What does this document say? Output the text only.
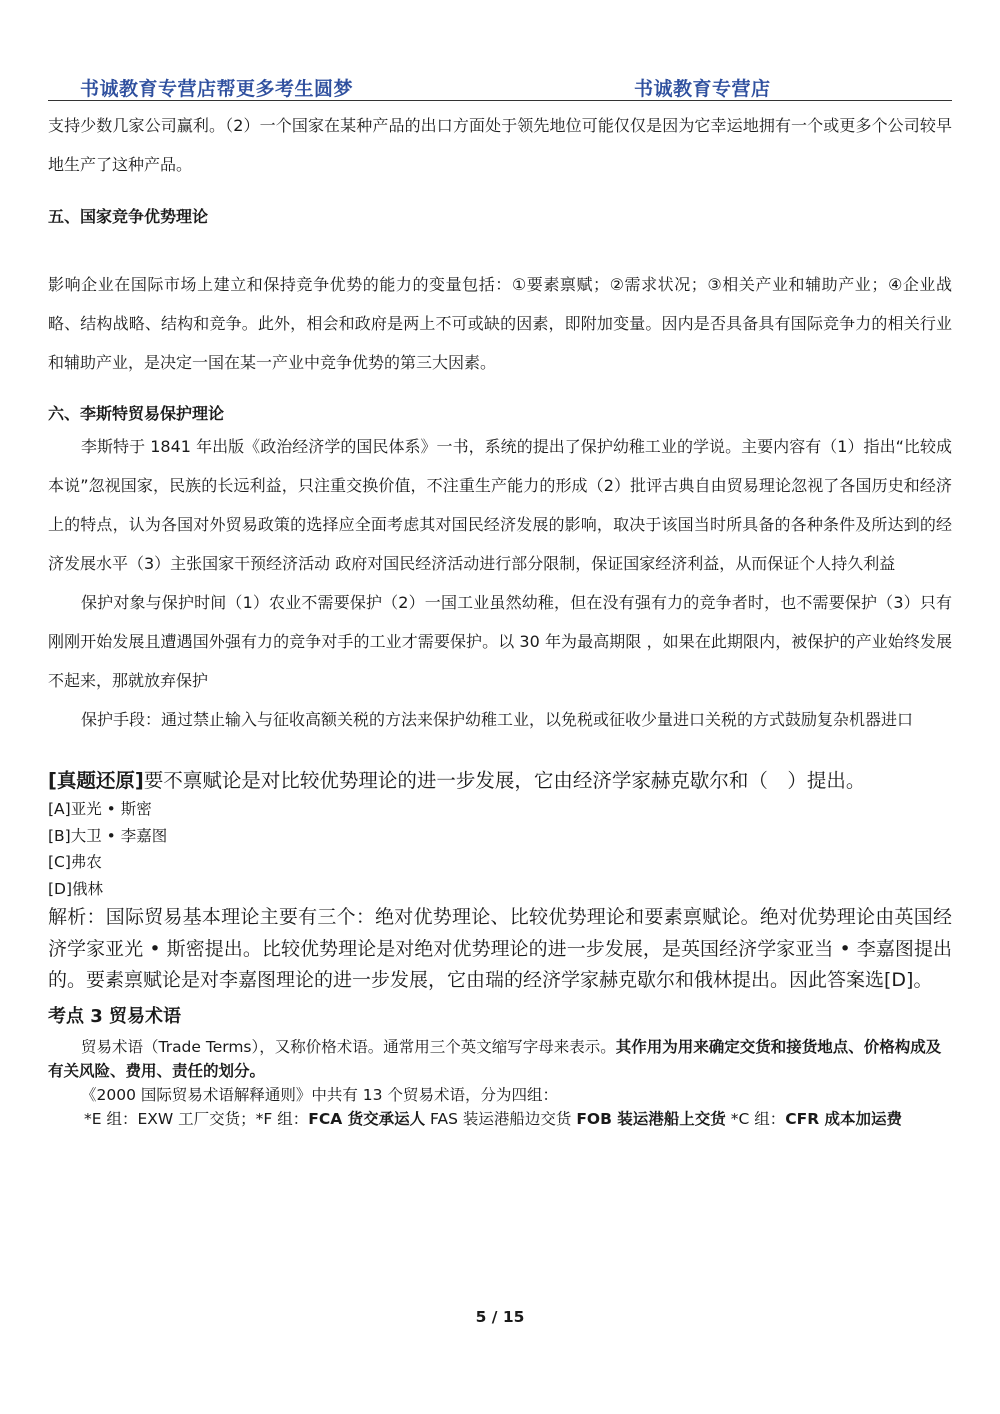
书诚教育专营店帮更多考生圆梦	书诚教育专营店

支持少数几家公司赢利。（2）一个国家在某种产品的出口方面处于领先地位可能仅仅是因为它幸运地拥有一个或更多个公司较早地生产了这种产品。

五、国家竞争优势理论

影响企业在国际市场上建立和保持竞争优势的能力的变量包括：①要素禀赋；②需求状况；③相关产业和辅助产业；④企业战略、结构战略、结构和竞争。此外，相会和政府是两上不可或缺的因素，即附加变量。因内是否具备具有国际竞争力的相关行业和辅助产业，是决定一国在某一产业中竞争优势的第三大因素。

六、李斯特贸易保护理论

李斯特于 1841 年出版《政治经济学的国民体系》一书，系统的提出了保护幼稚工业的学说。主要内容有（1）指出“比较成本说”忽视国家，民族的长远利益，只注重交换价值，不注重生产能力的形成（2）批评古典自由贸易理论忽视了各国历史和经济上的特点，认为各国对外贸易政策的选择应全面考虑其对国民经济发展的影响，取决于该国当时所具备的各种条件及所达到的经济发展水平（3）主张国家干预经济活动 政府对国民经济活动进行部分限制，保证国家经济利益，从而保证个人持久利益

保护对象与保护时间（1）农业不需要保护（2）一国工业虽然幼稚，但在没有强有力的竞争者时，也不需要保护（3）只有刚刚开始发展且遭遇国外强有力的竞争对手的工业才需要保护。以 30 年为最高期限 ，如果在此期限内，被保护的产业始终发展不起来，那就放弃保护

保护手段：通过禁止输入与征收高额关税的方法来保护幼稚工业，以免税或征收少量进口关税的方式鼓励复杂机器进口

[真题还原]要不禀赋论是对比较优势理论的进一步发展，它由经济学家赫克歇尔和（　）提出。

[A]亚光 • 斯密

[B]大卫 • 李嘉图

[C]弗农

[D]俄林

解析：国际贸易基本理论主要有三个：绝对优势理论、比较优势理论和要素禀赋论。绝对优势理论由英国经济学家亚光 • 斯密提出。比较优势理论是对绝对优势理论的进一步发展，是英国经济学家亚当 • 李嘉图提出的。要素禀赋论是对李嘉图理论的进一步发展，它由瑞的经济学家赫克歇尔和俄林提出。因此答案选[D]。

考点 3 贸易术语

贸易术语（Trade Terms），又称价格术语。通常用三个英文缩写字母来表示。其作用为用来确定交货和接货地点、价格构成及有关风险、费用、责任的划分。

《2000 国际贸易术语解释通则》中共有 13 个贸易术语，分为四组：

*E 组：EXW 工厂交货；*F 组：FCA 货交承运人 FAS 装运港船边交货 FOB 装运港船上交货 *C 组：CFR 成本加运费

5 / 15
